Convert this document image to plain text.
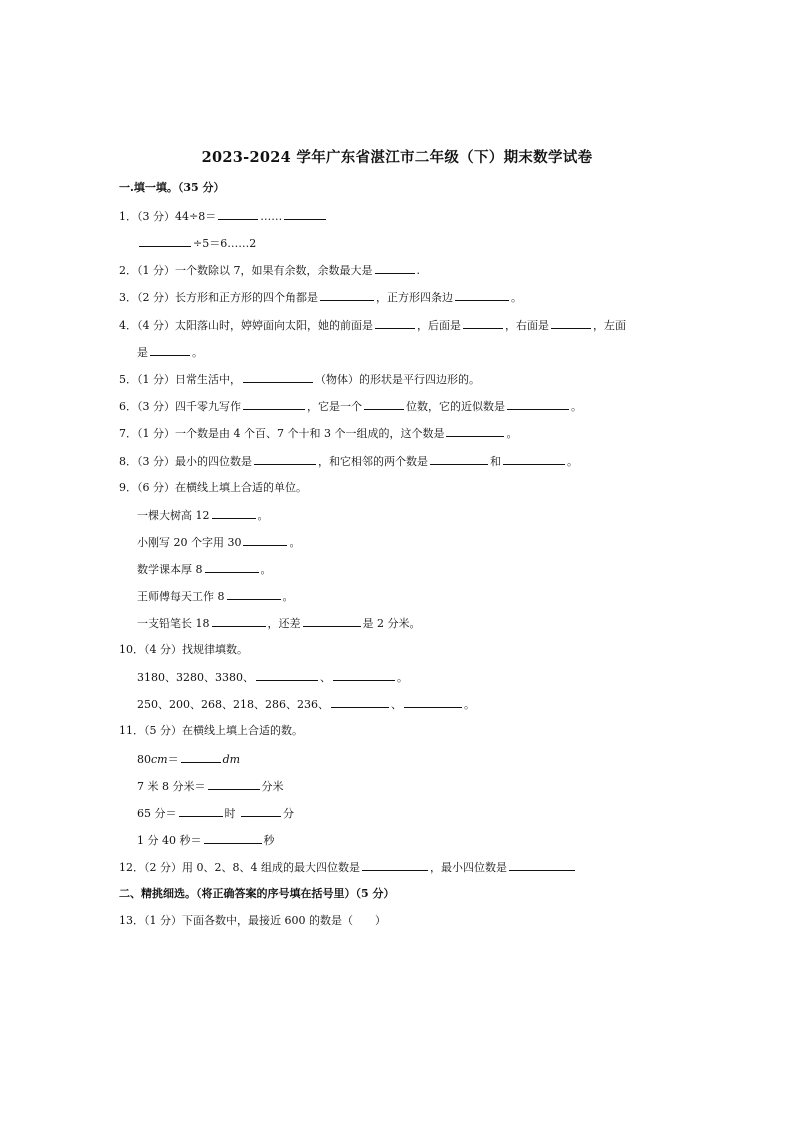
2023-2024 学年广东省湛江市二年级（下）期末数学试卷
一.填一填。（35 分）
1．（3 分）44÷8＝	……
÷5＝6……2
2．（1 分）一个数除以 7，如果有余数，余数最大是	.
3．（2 分）长方形和正方形的四个角都是	，正方形四条边	。
4．（4 分）太阳落山时，婷婷面向太阳，她的前面是	，后面是	，右面是	，左面
是	。
5．（1 分）日常生活中，	（物体）的形状是平行四边形的。
6．（3 分）四千零九写作	，它是一个	位数，它的近似数是	。
7．（1 分）一个数是由 4 个百、7 个十和 3 个一组成的，这个数是	。
8．（3 分）最小的四位数是	，和它相邻的两个数是	和	。
9．（6 分）在横线上填上合适的单位。
一棵大树高 12	。
小刚写 20 个字用 30	。
数学课本厚 8	。
王师傅每天工作 8	。
一支铅笔长 18	，还差	是 2 分米。
10．（4 分）找规律填数。
3180、3280、3380、	、	。
250、200、268、218、286、236、	、	。
11．（5 分）在横线上填上合适的数。
80cm＝	dm
7 米 8 分米＝	分米
65 分＝	时	分
1 分 40 秒＝	秒
12．（2 分）用 0、2、8、4 组成的最大四位数是	，最小四位数是
二、精挑细选。（将正确答案的序号填在括号里）（5 分）
13．（1 分）下面各数中，最接近 600 的数是（　　）
